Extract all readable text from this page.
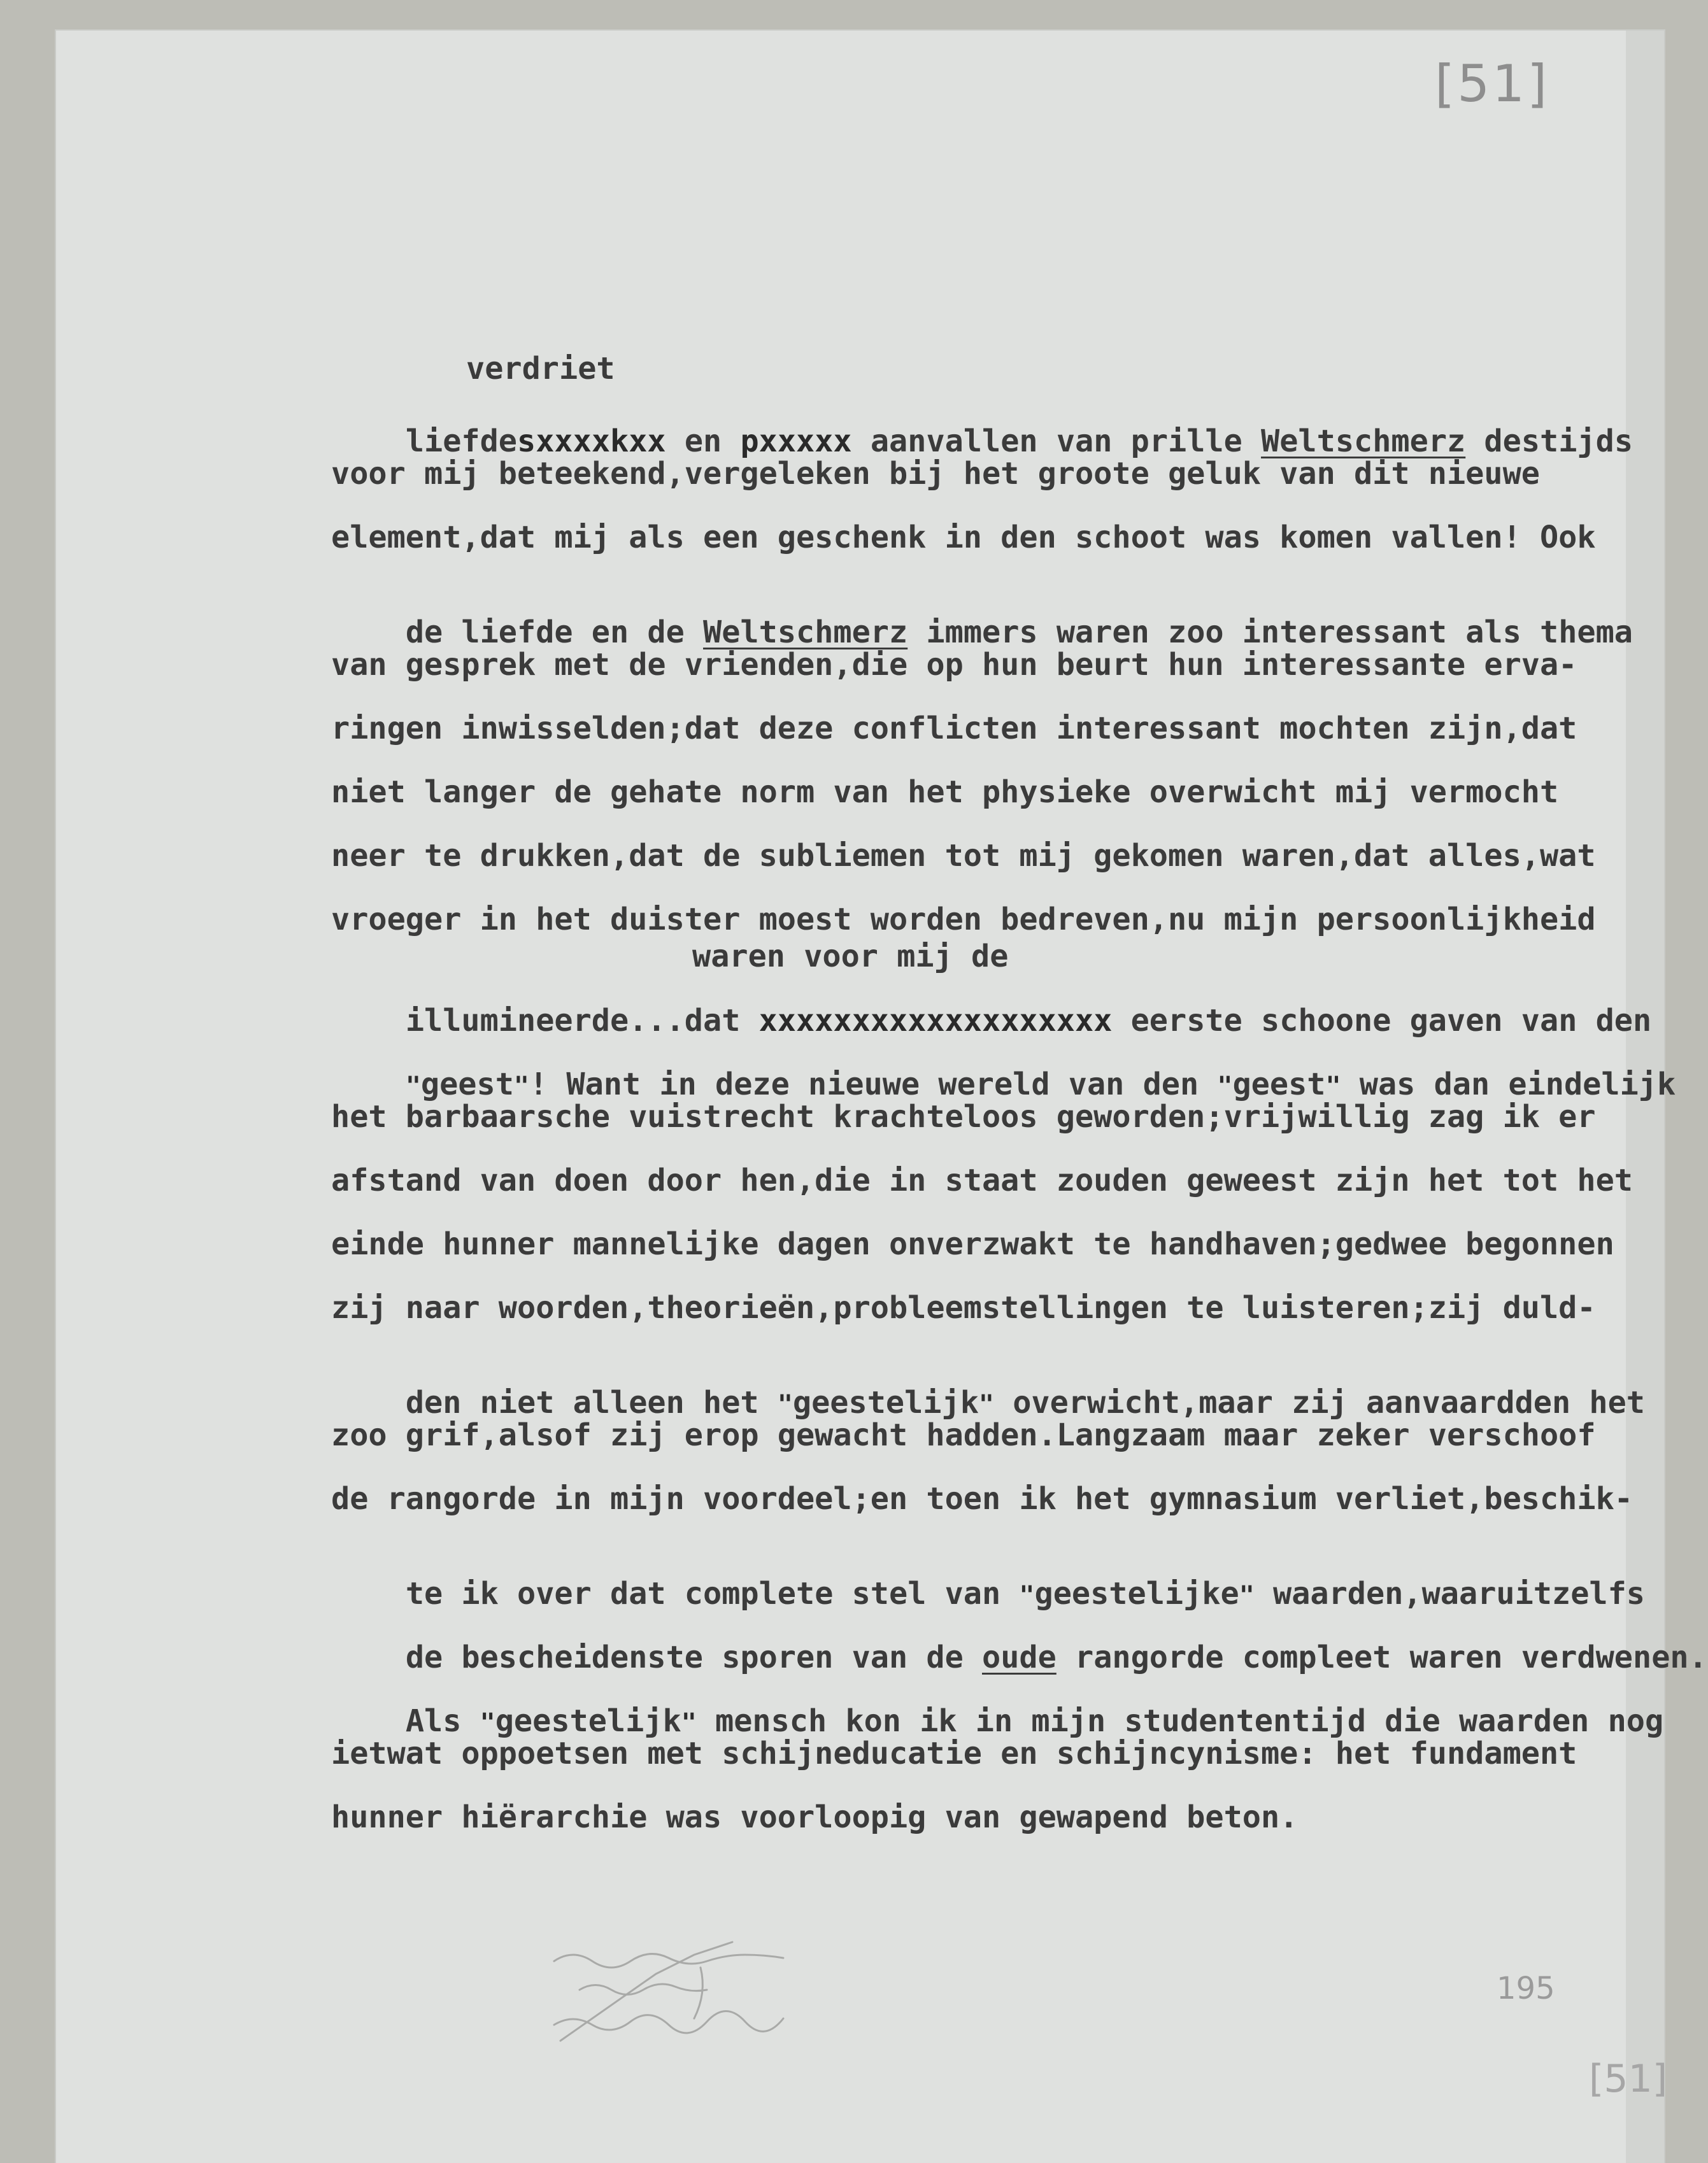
[51]
verdriet

liefdesxxxxkxx en pxxxxx aanvallen van prille Weltschmerz destijds

voor mij beteekend,vergeleken bij het groote geluk van dit nieuwe
element,dat mij als een geschenk in den schoot was komen vallen! Ook

de liefde en de Weltschmerz immers waren zoo interessant als thema

van gesprek met de vrienden,die op hun beurt hun interessante erva-
ringen inwisselden;dat deze conflicten interessant mochten zijn,dat
niet langer de gehate norm van het physieke overwicht mij vermocht
neer te drukken,dat de subliemen tot mij gekomen waren,dat alles,wat
vroeger in het duister moest worden bedreven,nu mijn persoonlijkheid
waren voor mij de

illumineerde...dat xxxxxxxxxxxxxxxxxxx eerste schoone gaven van den

"geest"! Want in deze nieuwe wereld van den "geest" was dan eindelijk

het barbaarsche vuistrecht krachteloos geworden;vrijwillig zag ik er
afstand van doen door hen,die in staat zouden geweest zijn het tot het
einde hunner mannelijke dagen onverzwakt te handhaven;gedwee begonnen
zij naar woorden,theorieën,probleemstellingen te luisteren;zij duld-

den niet alleen het "geestelijk" overwicht,maar zij aanvaardden het

zoo grif,alsof zij erop gewacht hadden.Langzaam maar zeker verschoof
de rangorde in mijn voordeel;en toen ik het gymnasium verliet,beschik-

te ik over dat complete stel van "geestelijke" waarden,waaruitzelfs

de bescheidenste sporen van de oude rangorde compleet waren verdwenen.

Als "geestelijk" mensch kon ik in mijn studententijd die waarden nog

ietwat oppoetsen met schijneducatie en schijncynisme: het fundament
hunner hiërarchie was voorloopig van gewapend beton.
195
[51]
